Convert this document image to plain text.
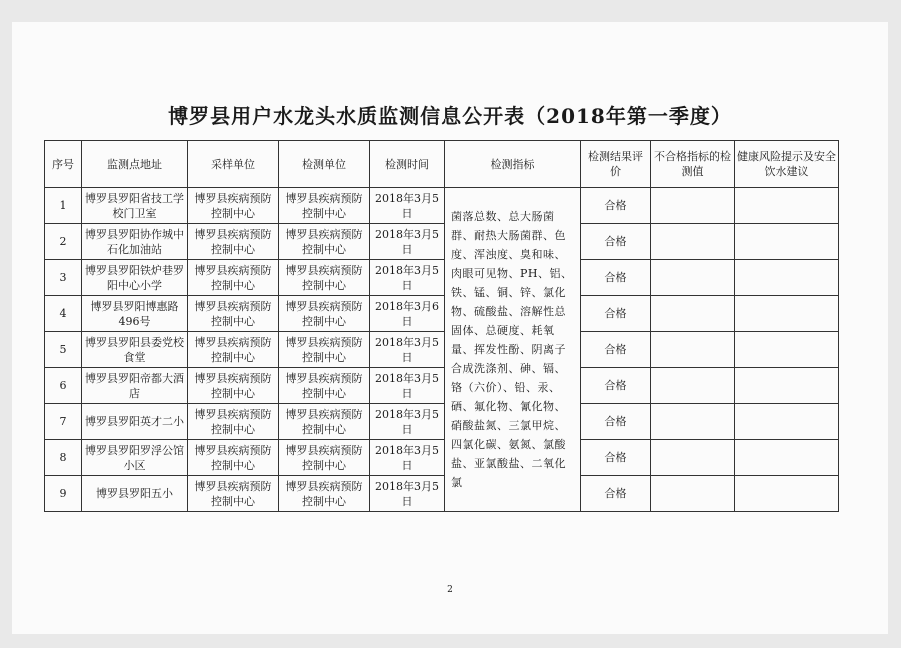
博罗县用户水龙头水质监测信息公开表（2018年第一季度）
序号	监测点地址	采样单位	检测单位	检测时间	检测指标	检测结果评价	不合格指标的检测值	健康风险提示及安全饮水建议
1	博罗县罗阳省技工学校门卫室	博罗县疾病预防控制中心	博罗县疾病预防控制中心	2018年3月5日	菌落总数、总大肠菌群、耐热大肠菌群、色度、浑浊度、臭和味、肉眼可见物、PH、铝、铁、锰、铜、锌、氯化物、硫酸盐、溶解性总固体、总硬度、耗氧量、挥发性酚、阴离子合成洗涤剂、砷、镉、铬（六价）、铅、汞、硒、氟化物、氰化物、硝酸盐氮、三氯甲烷、四氯化碳、氨氮、氯酸盐、亚氯酸盐、二氧化氯	合格		
2	博罗县罗阳协作城中石化加油站	博罗县疾病预防控制中心	博罗县疾病预防控制中心	2018年3月5日		合格		
3	博罗县罗阳铁炉巷罗阳中心小学	博罗县疾病预防控制中心	博罗县疾病预防控制中心	2018年3月5日		合格		
4	博罗县罗阳博惠路496号	博罗县疾病预防控制中心	博罗县疾病预防控制中心	2018年3月6日		合格		
5	博罗县罗阳县委党校食堂	博罗县疾病预防控制中心	博罗县疾病预防控制中心	2018年3月5日		合格		
6	博罗县罗阳帝都大酒店	博罗县疾病预防控制中心	博罗县疾病预防控制中心	2018年3月5日		合格		
7	博罗县罗阳英才二小	博罗县疾病预防控制中心	博罗县疾病预防控制中心	2018年3月5日		合格		
8	博罗县罗阳罗浮公馆小区	博罗县疾病预防控制中心	博罗县疾病预防控制中心	2018年3月5日		合格		
9	博罗县罗阳五小	博罗县疾病预防控制中心	博罗县疾病预防控制中心	2018年3月5日		合格		
2
